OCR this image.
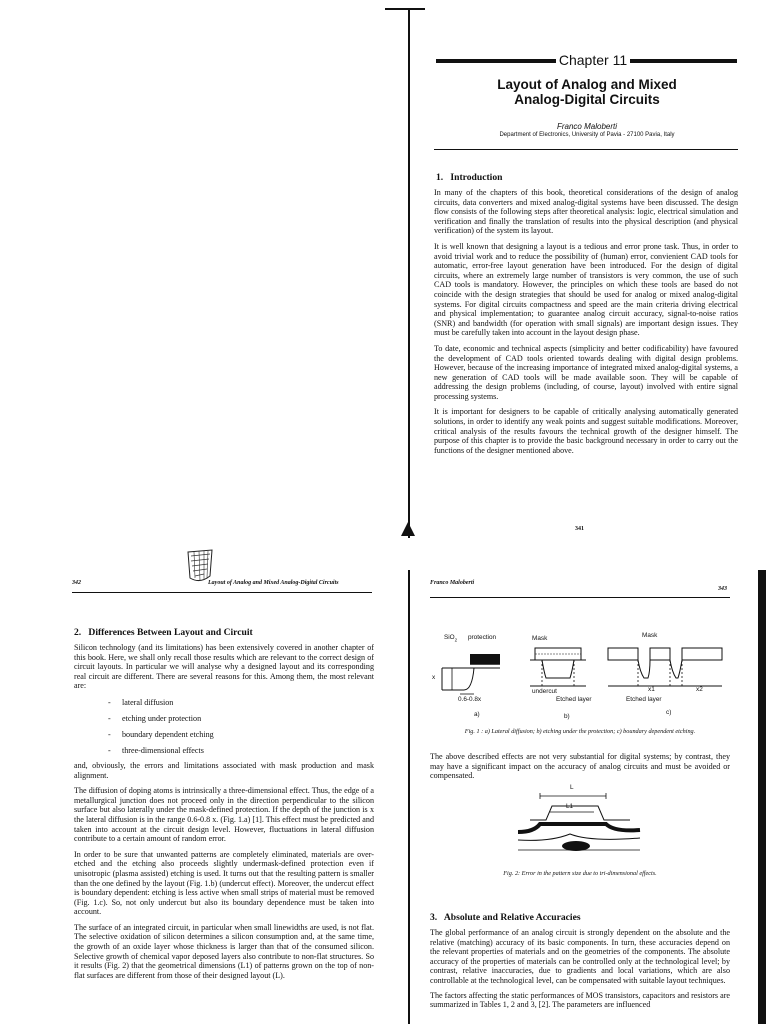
Chapter 11
Layout of Analog and Mixed
Analog-Digital Circuits
Franco Maloberti
Department of Electronics, University of Pavia - 27100 Pavia, Italy
1.   Introduction

In many of the chapters of this book, theoretical considerations of the design of analog circuits, data converters and mixed analog-digital systems have been discussed. The design flow consists of the following steps after theoretical analysis: logic, electrical simulation and verification and finally the translation of results into the physical description (and physical verification) of the system its layout.

It is well known that designing a layout is a tedious and error prone task. Thus, in order to avoid trivial work and to reduce the possibility of (human) error, convienient CAD tools for automatic, error-free layout generation have been introduced. For the design of digital circuits, where an extremely large number of transistors is very common, the use of such CAD tools is mandatory. However, the principles on which these tools are based do not coincide with the design strategies that should be used for analog or mixed analog-digital systems. For digital circuits compactness and speed are the main criteria driving electrical and physical implementation; to guarantee analog circuit accuracy, signal-to-noise ratios (SNR) and bandwidth (for operation with small signals) are important design issues. They must be carefully taken into account in the layout design phase.

To date, economic and technical aspects (simplicity and better codificability) have favoured the development of CAD tools oriented towards dealing with digital design problems. However, because of the increasing importance of integrated mixed analog-digital systems, a new generation of CAD tools will be made available soon. They will be capable of addressing the design problems (including, of course, layout) involved with entire signal processing systems.

It is important for designers to be capable of critically analysing automatically generated solutions, in order to identify any weak points and suggest suitable modifications. Moreover, critical analysis of the results favours the technical growth of the designer himself. The purpose of this chapter is to provide the basic background necessary in order to carry out the functions of the designer mentioned above.

341
342	Layout of Analog and Mixed Analog-Digital Circuits
2.   Differences Between Layout and Circuit

Silicon technology (and its limitations) has been extensively covered in another chapter of this book. Here, we shall only recall those results which are relevant to the correct design of circuit layouts. In particular we will analyse why a designed layout and its corresponding real circuit are different. There are several reasons for this. Among them, the most relevant are:

- lateral diffusion
- etching under protection
- boundary dependent etching
- three-dimensional effects

and, obviously, the errors and limitations associated with mask production and mask alignment.

The diffusion of doping atoms is intrinsically a three-dimensional effect. Thus, the edge of a metallurgical junction does not proceed only in the direction perpendicular to the silicon surface but also laterally under the mask-defined protection. If the depth of the junction is x the lateral diffusion is in the range 0.6-0.8 x. (Fig. 1.a) [1]. This effect must be predicted and taken into account at the circuit design level. However, fluctuations in lateral diffusion contribute to a certain amount of random error.

In order to be sure that unwanted patterns are completely eliminated, materials are over-etched and the etching also proceeds slightly undermask-defined protection even if unisotropic (plasma assisted) etching is used. It turns out that the resulting pattern is smaller than the one defined by the layout (Fig. 1.b) (undercut effect). Moreover, the undercut effect is boundary dependent: etching is less active when small strips of material must be removed (Fig. 1.c). So, not only undercut but also its boundary dependence must be taken into account.

The surface of an integrated circuit, in particular when small linewidths are used, is not flat. The selective oxidation of silicon determines a silicon consumption and, at the same time, the growth of an oxide layer whose thickness is larger than that of the consumed silicon. Selective growth of chemical vapor deposed layers also contribute to non-flat structures. So it results (Fig. 2) that the geometrical dimensions (L1) of patterns grown on the top of non-flat surfaces are different from those of their designed layout (L).

Franco Maloberti
343
SiO$_2$ protection	Mask	Mask
x
0.6-0.8x
undercut
Etched layer
x1	x2
Etched layer
a)	b)
c)
Fig. 1 : a) Lateral diffusion; b) etching under the protection; c) boundary dependent etching.

The above described effects are not very substantial for digital systems; by contrast, they may have a significant impact on the accuracy of analog circuits and must be avoided or compensated.

L
L1
Fig. 2: Error in the pattern size due to tri-dimensional effects.
3.   Absolute and Relative Accuracies

The global performance of an analog circuit is strongly dependent on the absolute and the relative (matching) accuracy of its basic components. In turn, these accuracies depend on the relevant properties of materials and on the geometries of the components. The absolute accuracy of the properties of materials can be controlled only at the technological level; by contrast, relative inaccuracies, due to gradients and local variations, which are also controllable at the technological level, can be compensated with suitable layout techniques.

The factors affecting the static performances of MOS transistors, capacitors and resistors are summarized in Tables 1, 2 and 3, [2]. The parameters are influenced
